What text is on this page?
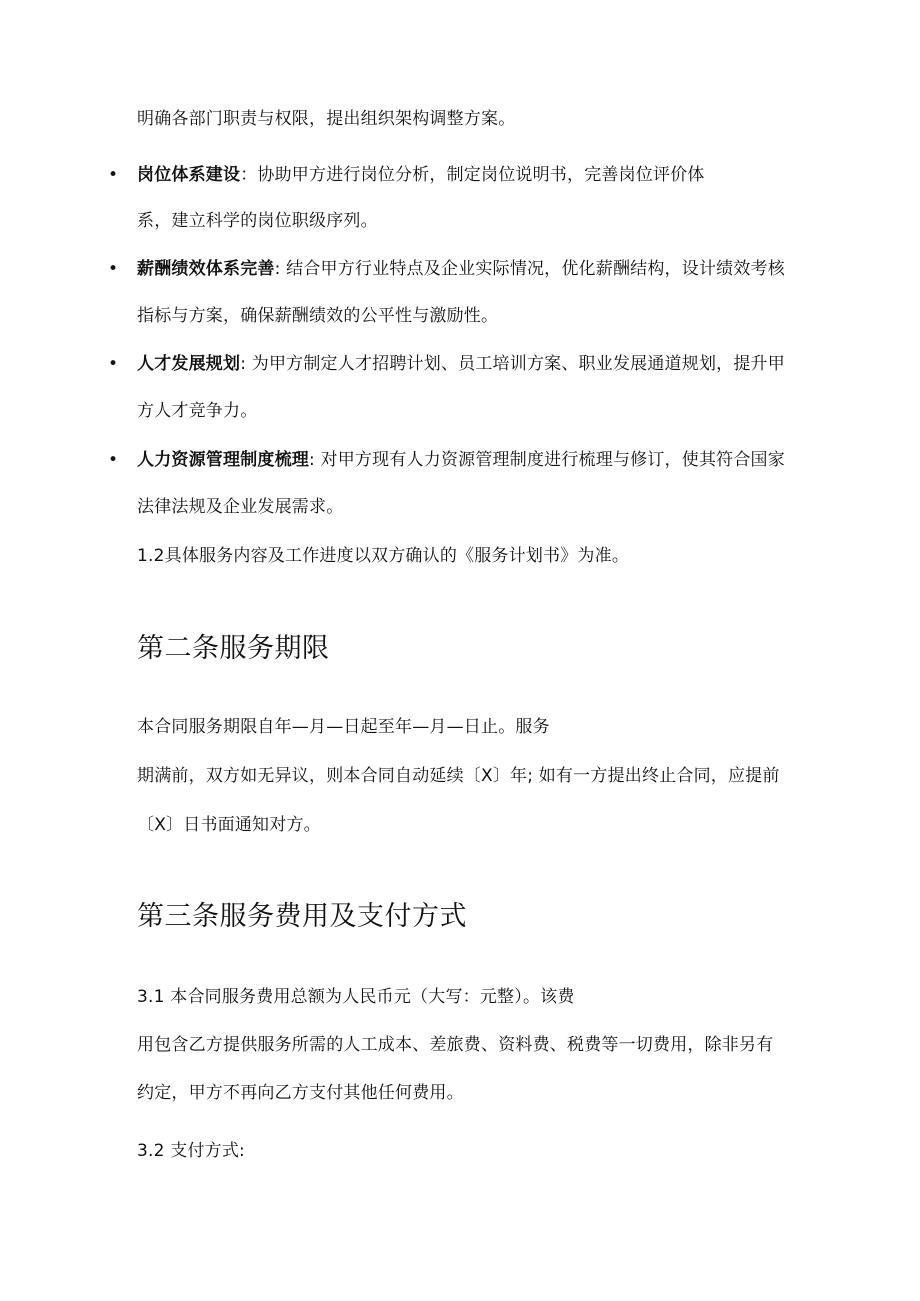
明确各部门职责与权限，提出组织架构调整方案。
• 岗位体系建设：协助甲方进行岗位分析，制定岗位说明书，完善岗位评价体
系，建立科学的岗位职级序列。
• 薪酬绩效体系完善: 结合甲方行业特点及企业实际情况，优化薪酬结构，设计绩效考核
指标与方案，确保薪酬绩效的公平性与激励性。
• 人才发展规划: 为甲方制定人才招聘计划、员工培训方案、职业发展通道规划，提升甲
方人才竞争力。
• 人力资源管理制度梳理: 对甲方现有人力资源管理制度进行梳理与修订，使其符合国家
法律法规及企业发展需求。
1.2具体服务内容及工作进度以双方确认的《服务计划书》为准。
第二条服务期限
本合同服务期限自年—月—日起至年—月—日止。服务
期满前，双方如无异议，则本合同自动延续〔X〕年; 如有一方提出终止合同，应提前
〔X〕日书面通知对方。
第三条服务费用及支付方式
3.1 本合同服务费用总额为人民币元（大写：元整）。该费
用包含乙方提供服务所需的人工成本、差旅费、资料费、税费等一切费用，除非另有
约定，甲方不再向乙方支付其他任何费用。
3.2 支付方式:
